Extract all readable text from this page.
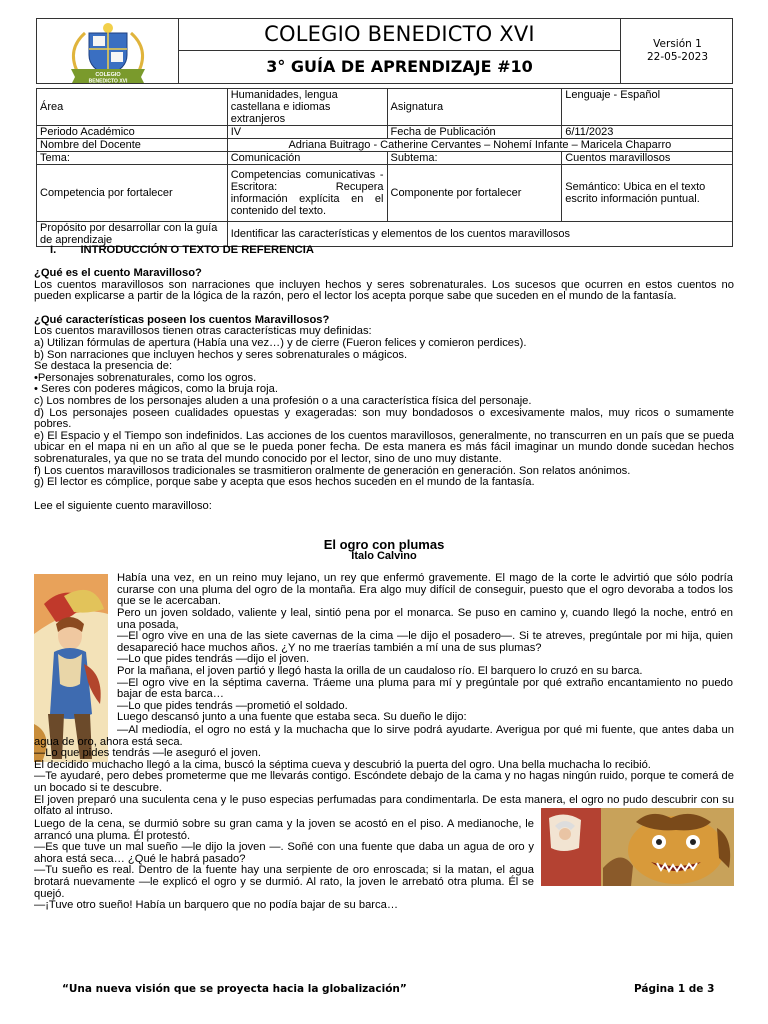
COLEGIO
BENEDICTO XVI
COLEGIO BENEDICTO XVI
3° GUÍA DE APRENDIZAJE #10
Versión 1
22-05-2023
Área	Humanidades, lengua castellana e idiomas extranjeros	Asignatura	Lenguaje - Español
Periodo Académico	IV	Fecha de Publicación	6/11/2023
Nombre del Docente	Adriana Buitrago - Catherine Cervantes – Nohemí Infante – Maricela Chaparro		
Tema:	Comunicación	Subtema:	Cuentos maravillosos
Competencia por fortalecer	Competencias comunicativas - Escritora: Recupera información explícita en el contenido del texto.	Componente por fortalecer	Semántico: Ubica en el texto escrito información puntual.
Propósito por desarrollar con la guía de aprendizaje	Identificar las características y elementos de los cuentos maravillosos		
I. INTRODUCCIÓN O TEXTO DE REFERENCIA

¿Qué es el cuento Maravilloso?

Los cuentos maravillosos son narraciones que incluyen hechos y seres sobrenaturales. Los sucesos que ocurren en estos cuentos no pueden explicarse a partir de la lógica de la razón, pero el lector los acepta porque sabe que suceden en el mundo de la fantasía.

¿Qué características poseen los cuentos Maravillosos?

Los cuentos maravillosos tienen otras características muy definidas:

a) Utilizan fórmulas de apertura (Había una vez…) y de cierre (Fueron felices y comieron perdices).

b) Son narraciones que incluyen hechos y seres sobrenaturales o mágicos.

Se destaca la presencia de:

•Personajes sobrenaturales, como los ogros.

• Seres con poderes mágicos, como la bruja roja.

c) Los nombres de los personajes aluden a una profesión o a una característica física del personaje.

d) Los personajes poseen cualidades opuestas y exageradas: son muy bondadosos o excesivamente malos, muy ricos o sumamente pobres.

e) El Espacio y el Tiempo son indefinidos. Las acciones de los cuentos maravillosos, generalmente, no transcurren en un país que se pueda ubicar en el mapa ni en un año al que se le pueda poner fecha. De esta manera es más fácil imaginar un mundo donde sucedan hechos sobrenaturales, ya que no se trata del mundo conocido por el lector, sino de uno muy distante.

f) Los cuentos maravillosos tradicionales se trasmitieron oralmente de generación en generación. Son relatos anónimos.

g) El lector es cómplice, porque sabe y acepta que esos hechos suceden en el mundo de la fantasía.

Lee el siguiente cuento maravilloso:

El ogro con plumas
Ítalo Calvino

Había una vez, en un reino muy lejano, un rey que enfermó gravemente. El mago de la corte le advirtió que sólo podría curarse con una pluma del ogro de la montaña. Era algo muy difícil de conseguir, puesto que el ogro devoraba a todos los que se le acercaban.

Pero un joven soldado, valiente y leal, sintió pena por el monarca. Se puso en camino y, cuando llegó la noche, entró en una posada,

—El ogro vive en una de las siete cavernas de la cima —le dijo el posadero—. Si te atreves, pregúntale por mi hija, quien desapareció hace muchos años. ¿Y no me traerías también a mí una de sus plumas?

—Lo que pides tendrás —dijo el joven.

Por la mañana, el joven partió y llegó hasta la orilla de un caudaloso río. El barquero lo cruzó en su barca.

—El ogro vive en la séptima caverna. Tráeme una pluma para mí y pregúntale por qué extraño encantamiento no puedo bajar de esta barca…

—Lo que pides tendrás —prometió el soldado.

Luego descansó junto a una fuente que estaba seca. Su dueño le dijo:

—Al mediodía, el ogro no está y la muchacha que lo sirve podrá ayudarte. Averigua por qué mi fuente, que antes daba un agua de oro, ahora está seca.

—Lo que pides tendrás —le aseguró el joven.

El decidido muchacho llegó a la cima, buscó la séptima cueva y descubrió la puerta del ogro. Una bella muchacha lo recibió.

—Te ayudaré, pero debes prometerme que me llevarás contigo. Escóndete debajo de la cama y no hagas ningún ruido, porque te comerá de un bocado si te descubre.

El joven preparó una suculenta cena y le puso especias perfumadas para condimentarla. De esta manera, el ogro no pudo descubrir con su olfato al intruso.

Luego de la cena, se durmió sobre su gran cama y la joven se acostó en el piso. A medianoche, le arrancó una pluma. Él protestó.

—Es que tuve un mal sueño —le dijo la joven —. Soñé con una fuente que daba un agua de oro y ahora está seca… ¿Qué le habrá pasado?

—Tu sueño es real. Dentro de la fuente hay una serpiente de oro enroscada; si la matan, el agua brotará nuevamente —le explicó el ogro y se durmió. Al rato, la joven le arrebató otra pluma. Él se quejó.

—¡Tuve otro sueño! Había un barquero que no podía bajar de su barca…

“Una nueva visión que se proyecta hacia la globalización”	Página 1 de 3
